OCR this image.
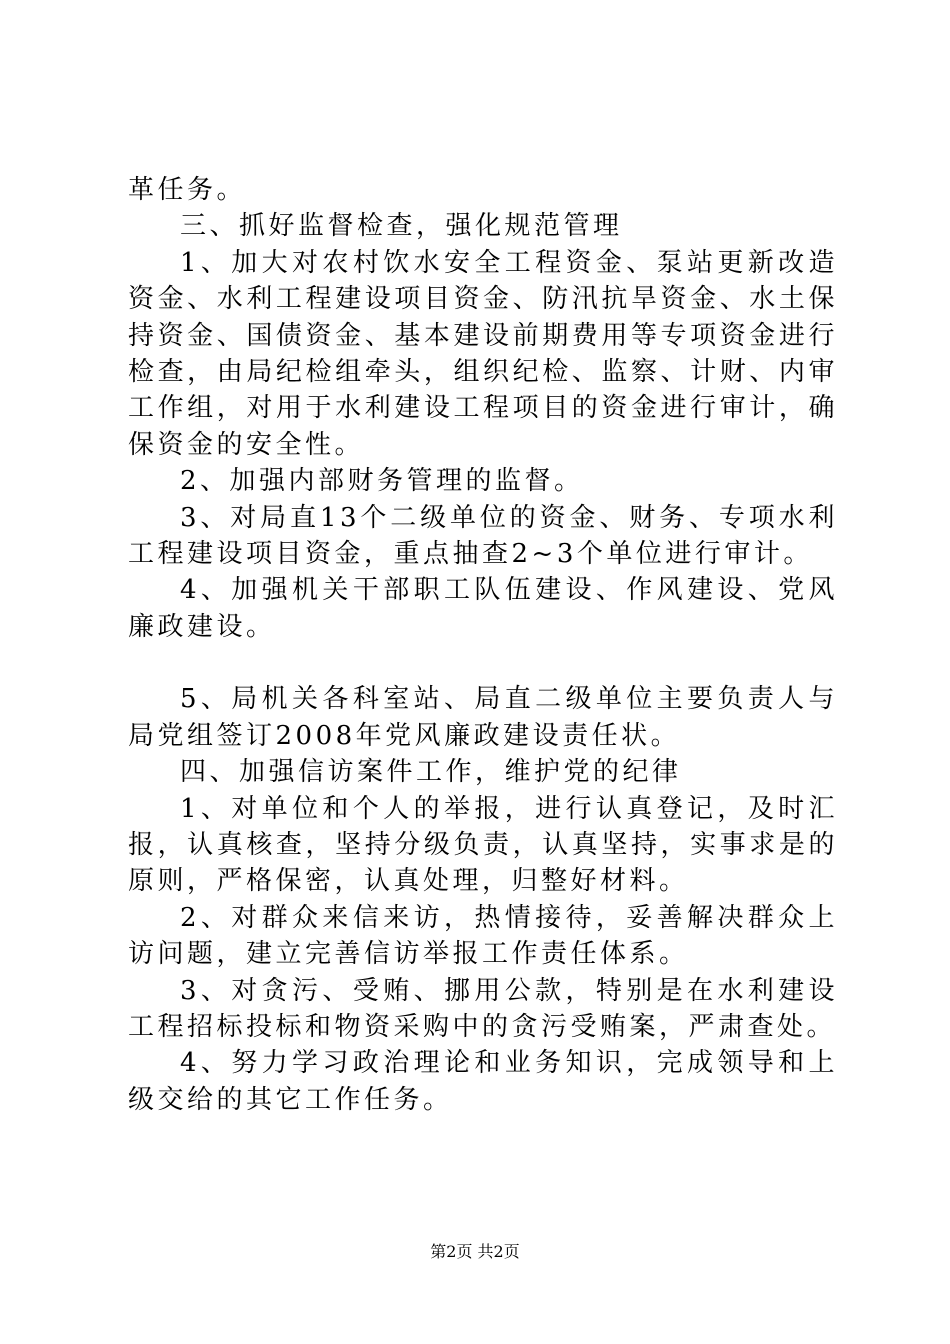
革任务。

三、抓好监督检查，强化规范管理

1、加大对农村饮水安全工程资金、泵站更新改造资金、水利工程建设项目资金、防汛抗旱资金、水土保持资金、国债资金、基本建设前期费用等专项资金进行检查，由局纪检组牵头，组织纪检、监察、计财、内审工作组，对用于水利建设工程项目的资金进行审计，确保资金的安全性。

2、加强内部财务管理的监督。

3、对局直13个二级单位的资金、财务、专项水利工程建设项目资金，重点抽查2~3个单位进行审计。

4、加强机关干部职工队伍建设、作风建设、党风廉政建设。

5、局机关各科室站、局直二级单位主要负责人与局党组签订2008年党风廉政建设责任状。

四、加强信访案件工作，维护党的纪律

1、对单位和个人的举报，进行认真登记，及时汇报，认真核查，坚持分级负责，认真坚持，实事求是的原则，严格保密，认真处理，归整好材料。

2、对群众来信来访，热情接待，妥善解决群众上访问题，建立完善信访举报工作责任体系。

3、对贪污、受贿、挪用公款，特别是在水利建设工程招标投标和物资采购中的贪污受贿案，严肃查处。

4、努力学习政治理论和业务知识，完成领导和上级交给的其它工作任务。

第2页 共2页
